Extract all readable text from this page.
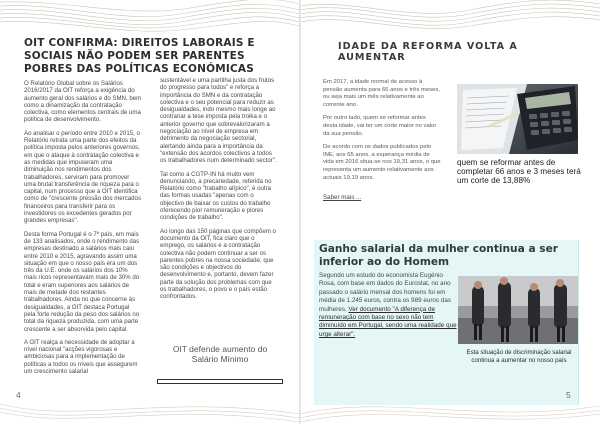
OIT CONFIRMA: DIREITOS LABORAIS E SOCIAIS NÃO PODEM SER PARENTES POBRES DAS POLÍTICAS ECONÓMICAS

O Relatório Global sobre os Salários 2016/2017 da OIT reforça a exigência do aumento geral dos salários e do SMN, bem como a dinamização da contratação colectiva, como elementos centrais de uma política de desenvolvimento.

Ao analisar o período entre 2010 e 2015, o Relatório retrata uma parte dos efeitos da política imposta pelos anteriores governos, em que o ataque à contratação colectiva e as medidas que impuseram uma diminuição nos rendimentos dos trabalhadores, serviram para promover uma brutal transferência de riqueza para o capital, num processo que a OIT identifica como de "crescente pressão dos mercados financeiros para transferir para os investidores os excedentes gerados por grandes empresas".

Desta forma Portugal é o 7º país, em mais de 133 analisados, onde o rendimento das empresas destinado a salários mais caiu entre 2010 e 2015, agravando assim uma situação em que o nosso país era um dos três da U.E. onde os salários dos 10% mais ricos representavam mais de 30% do total e eram superiores aos salários de mais de metade dos restantes trabalhadores. Ainda no que concerne às desigualdades, a OIT destaca Portugal pela forte redução da peso dos salários no total da riqueza produzida, com uma parte crescente a ser absorvida pelo capital.

A OIT realça a necessidade de adoptar a nível nacional "acções vigorosas e ambiciosas para a implementação de políticas a todos os níveis que assegurem um crescimento salarial

sustentável e uma partilha justa dos frutos do progresso para todos" e reforça a importância do SMN e da contratação colectiva e o seu potencial para reduzir as desigualdades, indo mesmo mais longe ao contrariar a tese imposta pela troika e o anterior governo que sobrevalorizaram a negociação ao nível de empresa em detrimento da negociação sectorial, alertando ainda para a importância da "extensão dos acordos colectivos a todos os trabalhadores num determinado sector".

Tal como a CGTP-IN há muito vem denunciando, a precariedade, referida no Relatório como "trabalho atípico", é outra das formas usadas "apenas com o objectivo de baixar os custos do trabalho oferecendo pior remuneração e piores condições de trabalho".

Ao longo das 150 páginas que compõem o documento da OIT, fica claro que o emprego, os salários e a contratação colectiva não podem continuar a ser os parentes pobres na nossa sociedade, que são condições e objectivos do desenvolvimento e, portanto, devem fazer parte da solução dos problemas com que os trabalhadores, o povo e o país estão confrontados.

OIT defende aumento do Salário Mínimo

4
IDADE DA REFORMA VOLTA A AUMENTAR

Em 2017, a idade normal de acesso à pensão aumenta para 66 anos e três meses, ou seja mais um mês relativamente ao corrente ano.

Por outro lado, quem se reformar antes desta idade, vai ter um corte maior no valor da sua pensão.

De acordo com os dados publicados pelo INE, aos 65 anos, a esperança média de vida em 2016 situa-se nos 19,31 anos, o que representa um aumento relativamente aos actuais 19,19 anos.

Saber mais ...

quem se reformar antes de completar 66 anos e 3 meses terá um corte de 13,88%

Ganho salarial da mulher continua a ser inferior ao do Homem

Segundo um estudo do economista Eugénio Rosa, com base em dados do Eurostat, no ano passado o salário mensal dos homens foi em média de 1.245 euros, contra os 989 euros das mulheres. Ver documento "A diferença de remuneração com base no sexo não tem diminuído em Portugal, sendo uma realidade que urge alterar".

Esta situação de discriminação salarial continua a aumentar no nosso país

5
